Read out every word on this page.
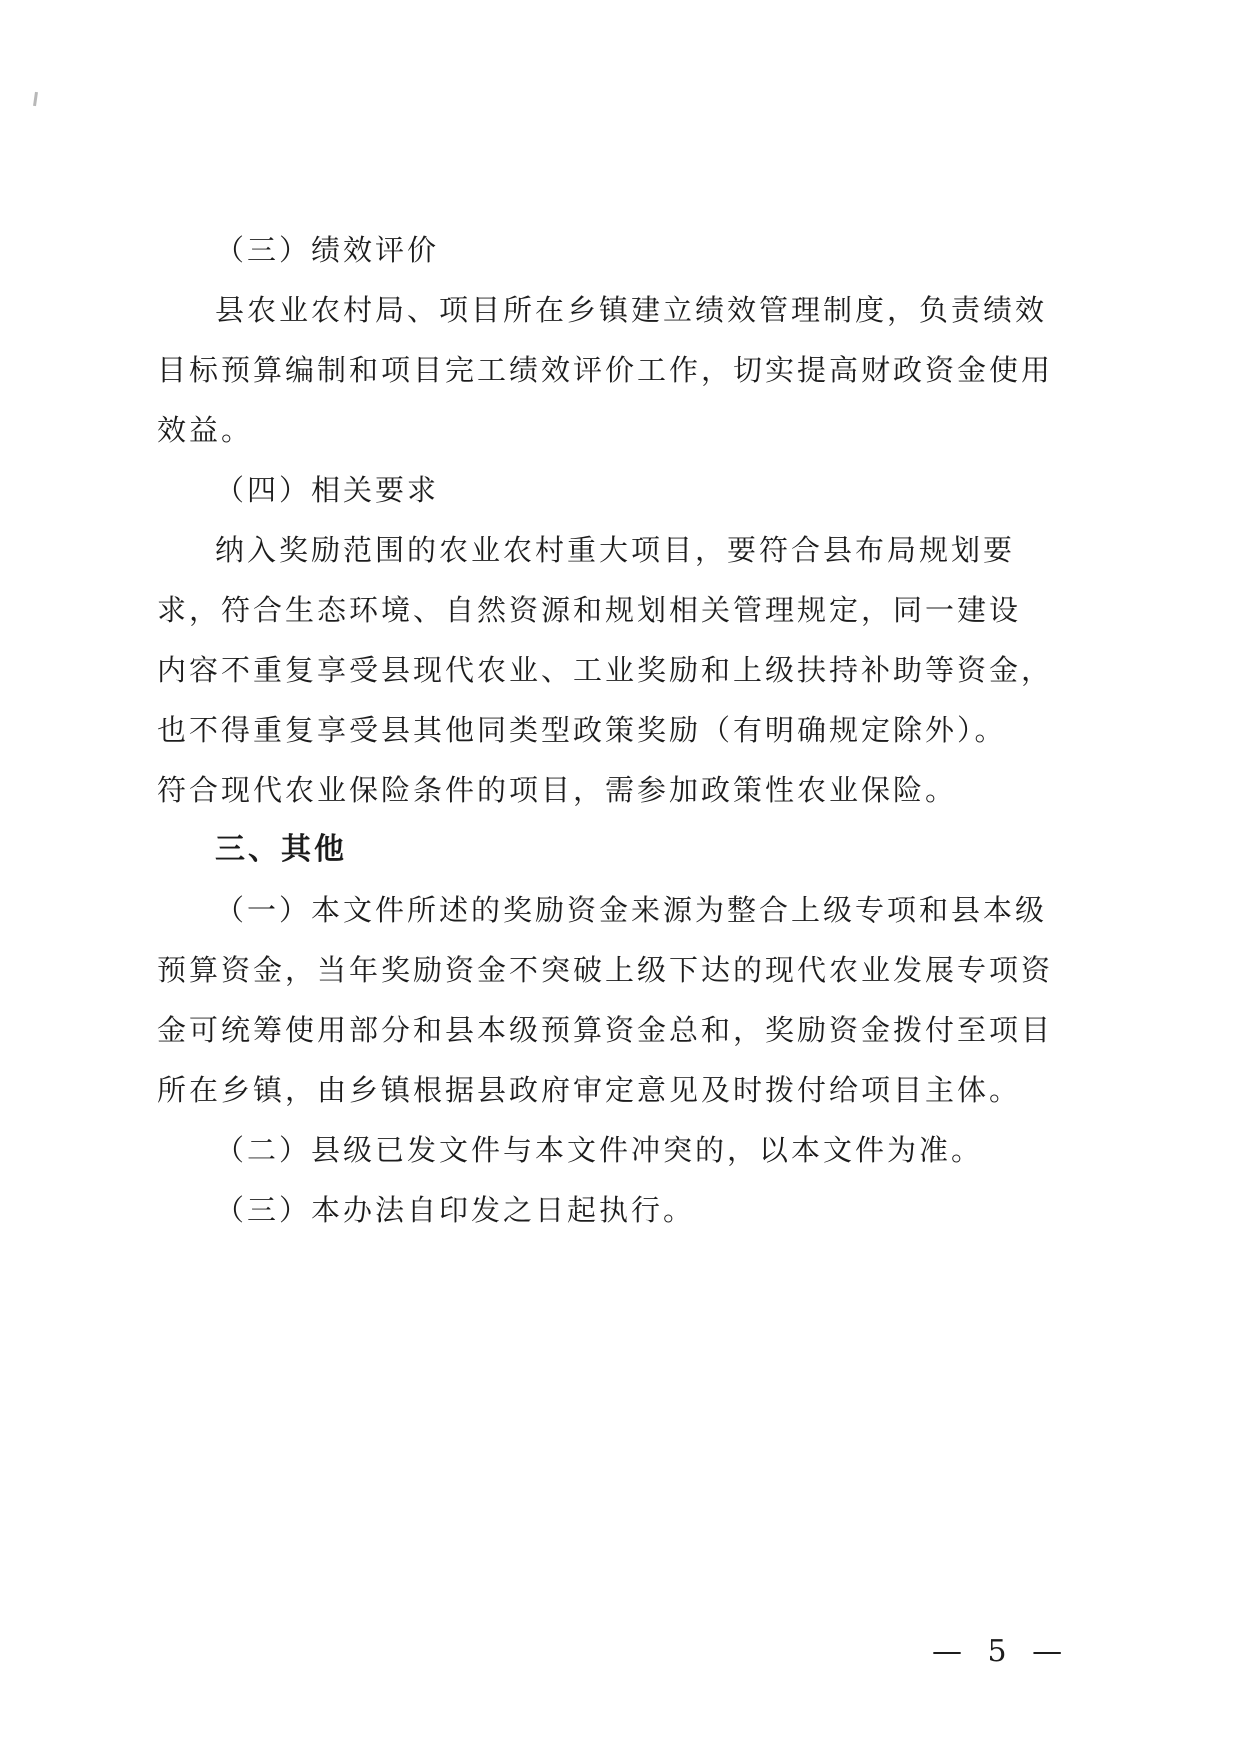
（三）绩效评价
县农业农村局、项目所在乡镇建立绩效管理制度，负责绩效
目标预算编制和项目完工绩效评价工作，切实提高财政资金使用
效益。
（四）相关要求
纳入奖励范围的农业农村重大项目，要符合县布局规划要
求，符合生态环境、自然资源和规划相关管理规定，同一建设
内容不重复享受县现代农业、工业奖励和上级扶持补助等资金，
也不得重复享受县其他同类型政策奖励（有明确规定除外）。
符合现代农业保险条件的项目，需参加政策性农业保险。
三、其他
（一）本文件所述的奖励资金来源为整合上级专项和县本级
预算资金，当年奖励资金不突破上级下达的现代农业发展专项资
金可统筹使用部分和县本级预算资金总和，奖励资金拨付至项目
所在乡镇，由乡镇根据县政府审定意见及时拨付给项目主体。
（二）县级已发文件与本文件冲突的，以本文件为准。
（三）本办法自印发之日起执行。
— 5 —
